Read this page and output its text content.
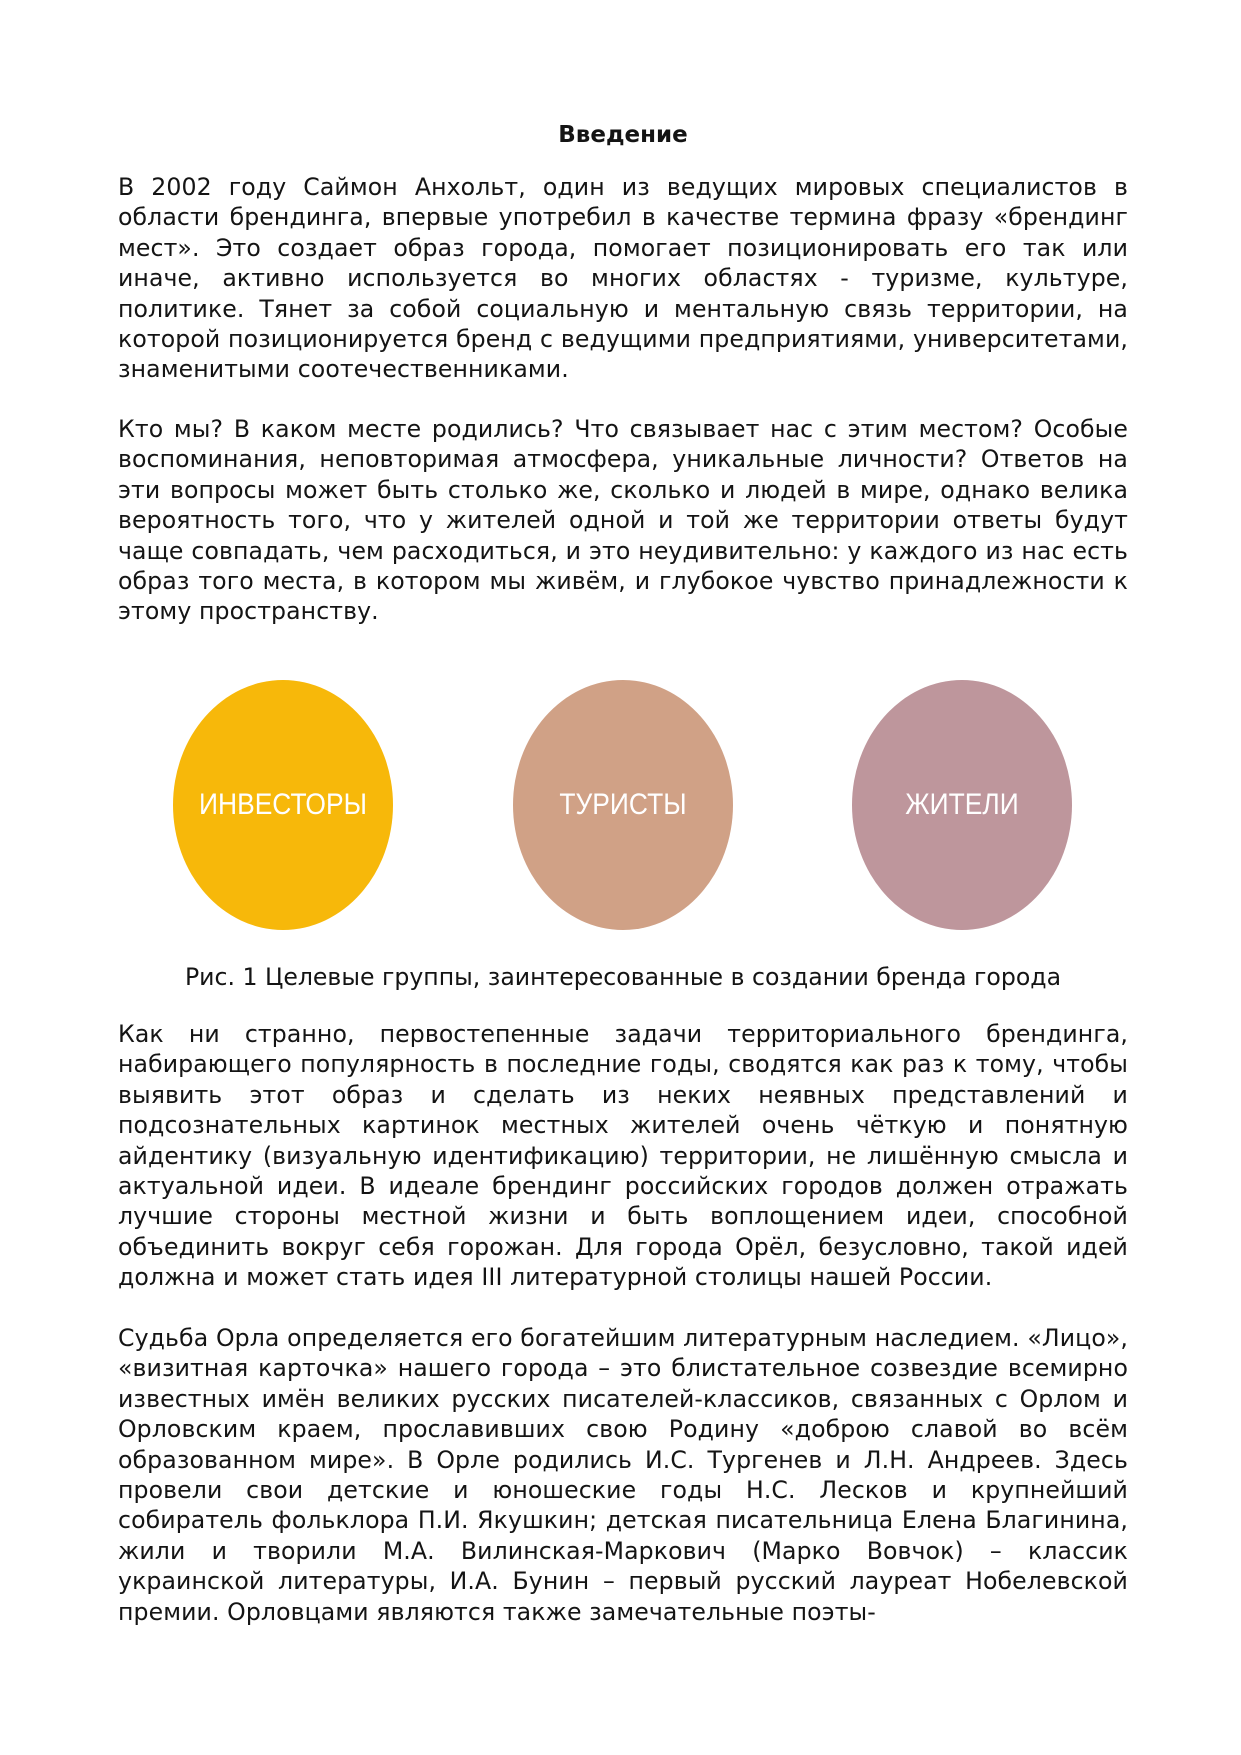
Введение

В 2002 году Саймон Анхольт, один из ведущих мировых специалистов в области брендинга, впервые употребил в качестве термина фразу «брендинг мест». Это создает образ города, помогает позиционировать его так или иначе, активно используется во многих областях - туризме, культуре, политике. Тянет за собой социальную и ментальную связь территории, на которой позиционируется бренд с ведущими предприятиями, университетами, знаменитыми соотечественниками.

Кто мы? В каком месте родились? Что связывает нас с этим местом? Особые воспоминания, неповторимая атмосфера, уникальные личности? Ответов на эти вопросы может быть столько же, сколько и людей в мире, однако велика вероятность того, что у жителей одной и той же территории ответы будут чаще совпадать, чем расходиться, и это неудивительно: у каждого из нас есть образ того места, в котором мы живём, и глубокое чувство принадлежности к этому пространству.

ИНВЕСТОРЫ	ТУРИСТЫ	ЖИТЕЛИ

Рис. 1 Целевые группы, заинтересованные в создании бренда города

Как ни странно, первостепенные задачи территориального брендинга, набирающего популярность в последние годы, сводятся как раз к тому, чтобы выявить этот образ и сделать из неких неявных представлений и подсознательных картинок местных жителей очень чёткую и понятную айдентику (визуальную идентификацию) территории, не лишённую смысла и актуальной идеи. В идеале брендинг российских городов должен отражать лучшие стороны местной жизни и быть воплощением идеи, способной объединить вокруг себя горожан. Для города Орёл, безусловно, такой идей должна и может стать идея III литературной столицы нашей России.

Судьба Орла определяется его богатейшим литературным наследием. «Лицо», «визитная карточка» нашего города – это блистательное созвездие всемирно известных имён великих русских писателей-классиков, связанных с Орлом и Орловским краем, прославивших свою Родину «доброю славой во всём образованном мире». В Орле родились И.С. Тургенев и Л.Н. Андреев. Здесь провели свои детские и юношеские годы Н.С. Лесков и крупнейший собиратель фольклора П.И. Якушкин; детская писательница Елена Благинина, жили и творили М.А. Вилинская-Маркович (Марко Вовчок) – классик украинской литературы, И.А. Бунин – первый русский лауреат Нобелевской премии. Орловцами являются также замечательные поэты-
